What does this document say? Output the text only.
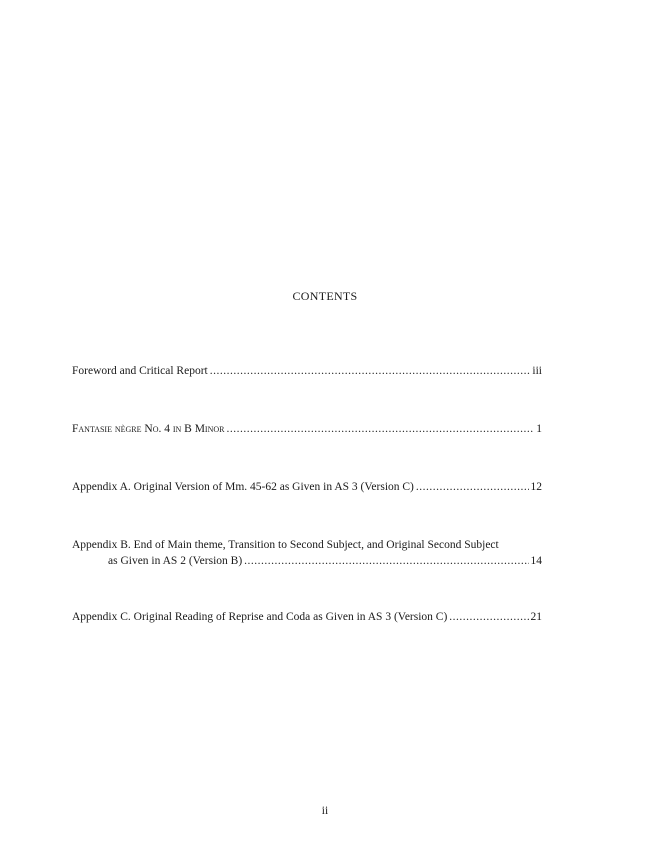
CONTENTS
Foreword and Critical Report .....	iii
Fantasie nègre No. 4 in B Minor .....	1
Appendix A. Original Version of Mm. 45-62 as Given in AS 3 (Version C) .....	12
Appendix B. End of Main theme, Transition to Second Subject, and Original Second Subject
as Given in AS 2 (Version B) .....	14
Appendix C. Original Reading of Reprise and Coda as Given in AS 3 (Version C) .....	21
ii
